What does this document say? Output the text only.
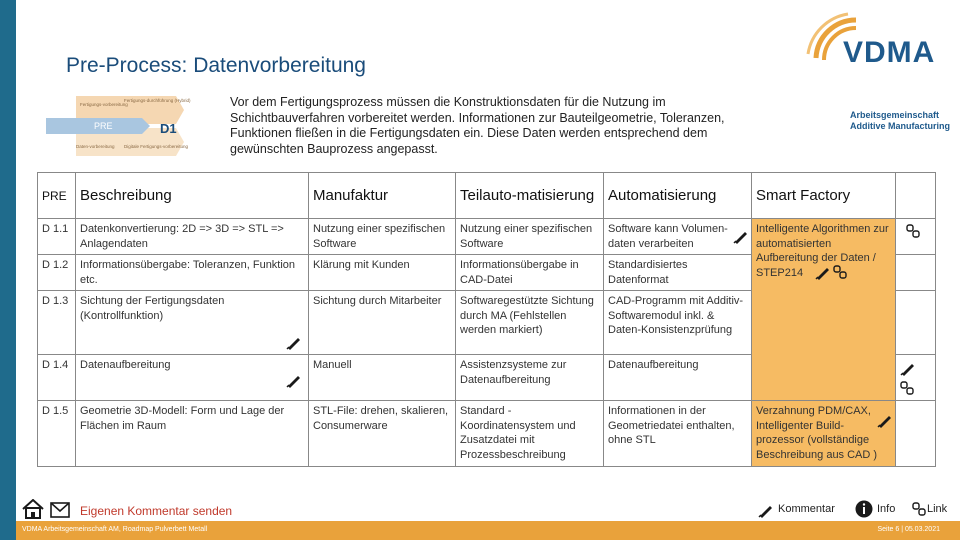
Pre-Process: Datenvorbereitung	VDMA
Arbeitsgemeinschaft
Additive Manufacturing
PRE	D1
Fertigungs-vorbereitung
Fertigungs-durchführung (Hybrid)
Daten-vorbereitung Digitale Fertigungs-vorbereitung
Vor dem Fertigungsprozess müssen die Konstruktionsdaten für die Nutzung im Schichtbauverfahren vorbereitet werden. Informationen zur Bauteilgeometrie, Toleranzen, Funktionen fließen in die Fertigungsdaten ein. Diese Daten werden entsprechend dem gewünschten Bauprozess angepasst.
PRE	Beschreibung	Manufaktur	Teilauto-matisierung	Automatisierung	Smart Factory	
D 1.1	Datenkonvertierung: 2D => 3D => STL => Anlagendaten	Nutzung einer spezifischen Software	Nutzung einer spezifischen Software	Software kann Volumen-daten verarbeiten	Intelligente Algorithmen zur automatisierten Aufbereitung der Daten / STEP214

D 1.2	Informationsübergabe: Toleranzen, Funktion etc.	Klärung mit Kunden	Informationsübergabe in CAD-Datei	Standardisiertes Datenformat		
D 1.3	Sichtung der Fertigungsdaten (Kontrollfunktion)	Sichtung durch Mitarbeiter	Softwaregestützte Sichtung durch MA (Fehlstellen werden markiert)	CAD-Programm mit Additiv-Softwaremodul inkl. & Daten-Konsistenzprüfung		
D 1.4	Datenaufbereitung	Manuell	Assistenzsysteme zur Datenaufbereitung	Datenaufbereitung	
D 1.5	Geometrie 3D-Modell: Form und Lage der Flächen im Raum	STL-File: drehen, skalieren, Consumerware	Standard - Koordinatensystem und Zusatzdatei mit Prozessbeschreibung	Informationen in der Geometriedatei enthalten, ohne STL	Verzahnung PDM/CAX, Intelligenter Build-prozessor (vollständige Beschreibung aus CAD )	

Eigenen Kommentar senden	Kommentar	Info	Link
VDMA Arbeitsgemeinschaft AM, Roadmap Pulverbett Metall	Seite 6 | 05.03.2021
